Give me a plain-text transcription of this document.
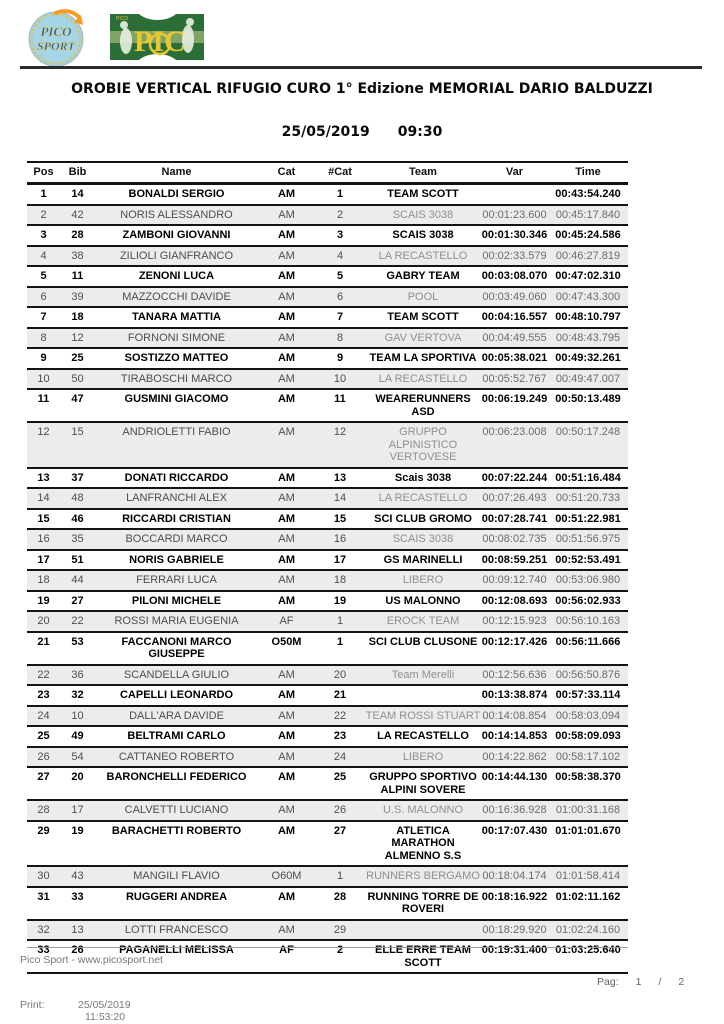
PICO
SPORT PIC
PICO
OROBIE VERTICAL RIFUGIO CURO 1° Edizione MEMORIAL DARIO BALDUZZI
25/05/2019 09:30
Pos	Bib	Name	Cat	#Cat	Team	Var	Time
1	14	BONALDI SERGIO	AM	1	TEAM SCOTT		00:43:54.240
2	42	NORIS ALESSANDRO	AM	2	SCAIS 3038	00:01:23.600	00:45:17.840
3	28	ZAMBONI GIOVANNI	AM	3	SCAIS 3038	00:01:30.346	00:45:24.586
4	38	ZILIOLI GIANFRANCO	AM	4	LA RECASTELLO	00:02:33.579	00:46:27.819
5	11	ZENONI LUCA	AM	5	GABRY TEAM	00:03:08.070	00:47:02.310
6	39	MAZZOCCHI DAVIDE	AM	6	POOL	00:03:49.060	00:47:43.300
7	18	TANARA MATTIA	AM	7	TEAM SCOTT	00:04:16.557	00:48:10.797
8	12	FORNONI SIMONE	AM	8	GAV VERTOVA	00:04:49.555	00:48:43.795
9	25	SOSTIZZO MATTEO	AM	9	TEAM LA SPORTIVA	00:05:38.021	00:49:32.261
10	50	TIRABOSCHI MARCO	AM	10	LA RECASTELLO	00:05:52.767	00:49:47.007
11	47	GUSMINI GIACOMO	AM	11	WEARERUNNERS ASD	00:06:19.249	00:50:13.489
12	15	ANDRIOLETTI FABIO	AM	12	GRUPPO ALPINISTICO VERTOVESE	00:06:23.008	00:50:17.248
13	37	DONATI RICCARDO	AM	13	Scais 3038	00:07:22.244	00:51:16.484
14	48	LANFRANCHI ALEX	AM	14	LA RECASTELLO	00:07:26.493	00:51:20.733
15	46	RICCARDI CRISTIAN	AM	15	SCI CLUB GROMO	00:07:28.741	00:51:22.981
16	35	BOCCARDI MARCO	AM	16	SCAIS 3038	00:08:02.735	00:51:56.975
17	51	NORIS GABRIELE	AM	17	GS MARINELLI	00:08:59.251	00:52:53.491
18	44	FERRARI LUCA	AM	18	LIBERO	00:09:12.740	00:53:06.980
19	27	PILONI MICHELE	AM	19	US MALONNO	00:12:08.693	00:56:02.933
20	22	ROSSI MARIA EUGENIA	AF	1	EROCK TEAM	00:12:15.923	00:56:10.163
21	53	FACCANONI MARCO GIUSEPPE	O50M	1	SCI CLUB CLUSONE	00:12:17.426	00:56:11.666
22	36	SCANDELLA GIULIO	AM	20	Team Merelli	00:12:56.636	00:56:50.876
23	32	CAPELLI LEONARDO	AM	21		00:13:38.874	00:57:33.114
24	10	DALL'ARA DAVIDE	AM	22	TEAM ROSSI STUART	00:14:08.854	00:58:03.094
25	49	BELTRAMI CARLO	AM	23	LA RECASTELLO	00:14:14.853	00:58:09.093
26	54	CATTANEO ROBERTO	AM	24	LIBERO	00:14:22.862	00:58:17.102
27	20	BARONCHELLI FEDERICO	AM	25	GRUPPO SPORTIVO ALPINI SOVERE	00:14:44.130	00:58:38.370
28	17	CALVETTI LUCIANO	AM	26	U.S. MALONNO	00:16:36.928	01:00:31.168
29	19	BARACHETTI ROBERTO	AM	27	ATLETICA MARATHON ALMENNO S.S	00:17:07.430	01:01:01.670
30	43	MANGILI FLAVIO	O60M	1	RUNNERS BERGAMO	00:18:04.174	01:01:58.414
31	33	RUGGERI ANDREA	AM	28	RUNNING TORRE DE ROVERI	00:18:16.922	01:02:11.162
32	13	LOTTI FRANCESCO	AM	29		00:18:29.920	01:02:24.160
33	26	PAGANELLI MELISSA	AF	2	ELLE ERRE TEAM SCOTT	00:19:31.400	01:03:25.640
Pico Sport - www.picosport.net
Pag: 1 / 2
Print:	25/05/2019
11:53:20
